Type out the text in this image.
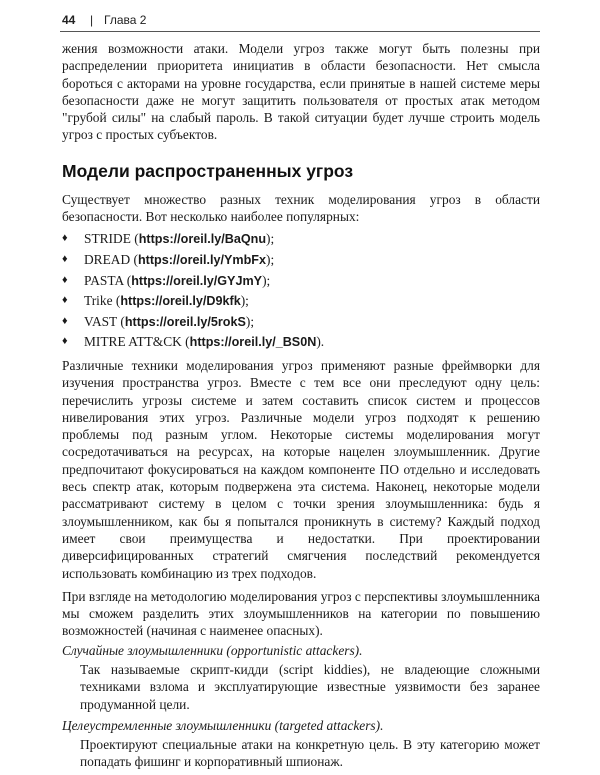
44 | Глава 2

жения возможности атаки. Модели угроз также могут быть полезны при распределении приоритета инициатив в области безопасности. Нет смысла бороться с акторами на уровне государства, если принятые в нашей системе меры безопасности даже не могут защитить пользователя от простых атак методом "грубой силы" на слабый пароль. В такой ситуации будет лучше строить модель угроз с простых субъектов.

Модели распространенных угроз

Существует множество разных техник моделирования угроз в области безопасности. Вот несколько наиболее популярных:

♦ STRIDE (https://oreil.ly/BaQnu);
♦ DREAD (https://oreil.ly/YmbFx);
♦ PASTA (https://oreil.ly/GYJmY);
♦ Trike (https://oreil.ly/D9kfk);
♦ VAST (https://oreil.ly/5rokS);
♦ MITRE ATT&CK (https://oreil.ly/_BS0N).

Различные техники моделирования угроз применяют разные фреймворки для изучения пространства угроз. Вместе с тем все они преследуют одну цель: перечислить угрозы системе и затем составить список систем и процессов нивелирования этих угроз. Различные модели угроз подходят к решению проблемы под разным углом. Некоторые системы моделирования могут сосредотачиваться на ресурсах, на которые нацелен злоумышленник. Другие предпочитают фокусироваться на каждом компоненте ПО отдельно и исследовать весь спектр атак, которым подвержена эта система. Наконец, некоторые модели рассматривают систему в целом с точки зрения злоумышленника: будь я злоумышленником, как бы я попытался проникнуть в систему? Каждый подход имеет свои преимущества и недостатки. При проектировании диверсифицированных стратегий смягчения последствий рекомендуется использовать комбинацию из трех подходов.

При взгляде на методологию моделирования угроз с перспективы злоумышленника мы сможем разделить этих злоумышленников на категории по повышению возможностей (начиная с наименее опасных).

Случайные злоумышленники (opportunistic attackers).

Так называемые скрипт-кидди (script kiddies), не владеющие сложными техниками взлома и эксплуатирующие известные уязвимости без заранее продуманной цели.

Целеустремленные злоумышленники (targeted attackers).

Проектируют специальные атаки на конкретную цель. В эту категорию может попадать фишинг и корпоративный шпионаж.
